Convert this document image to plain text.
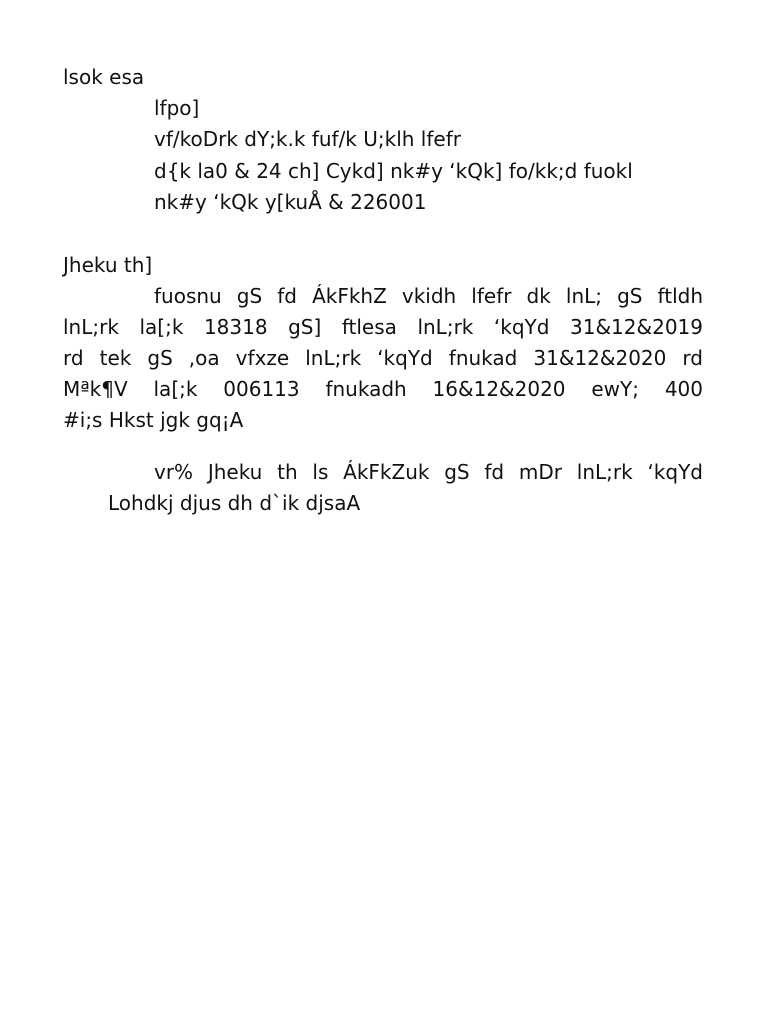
lsok esa
lfpo]
vf/koDrk dY;k.k fuf/k U;klh lfefr
d{k la0 & 24 ch] Cykd] nk#y ‘kQk] fo/kk;d fuokl
nk#y ‘kQk y[kuÅ & 226001
Jheku th]
fuosnu gS fd ÁkFkhZ vkidh lfefr dk lnL; gS ftldh
lnL;rk la[;k 18318 gS] ftlesa lnL;rk ‘kqYd 31&12&2019
rd tek gS ,oa vfxze lnL;rk ‘kqYd fnukad 31&12&2020 rd
Mªk¶V la[;k 006113 fnukadh 16&12&2020 ewY; 400
#i;s Hkst jgk gq¡A
vr% Jheku th ls ÁkFkZuk gS fd mDr lnL;rk ‘kqYd
Lohdkj djus dh d`ik djsaA
